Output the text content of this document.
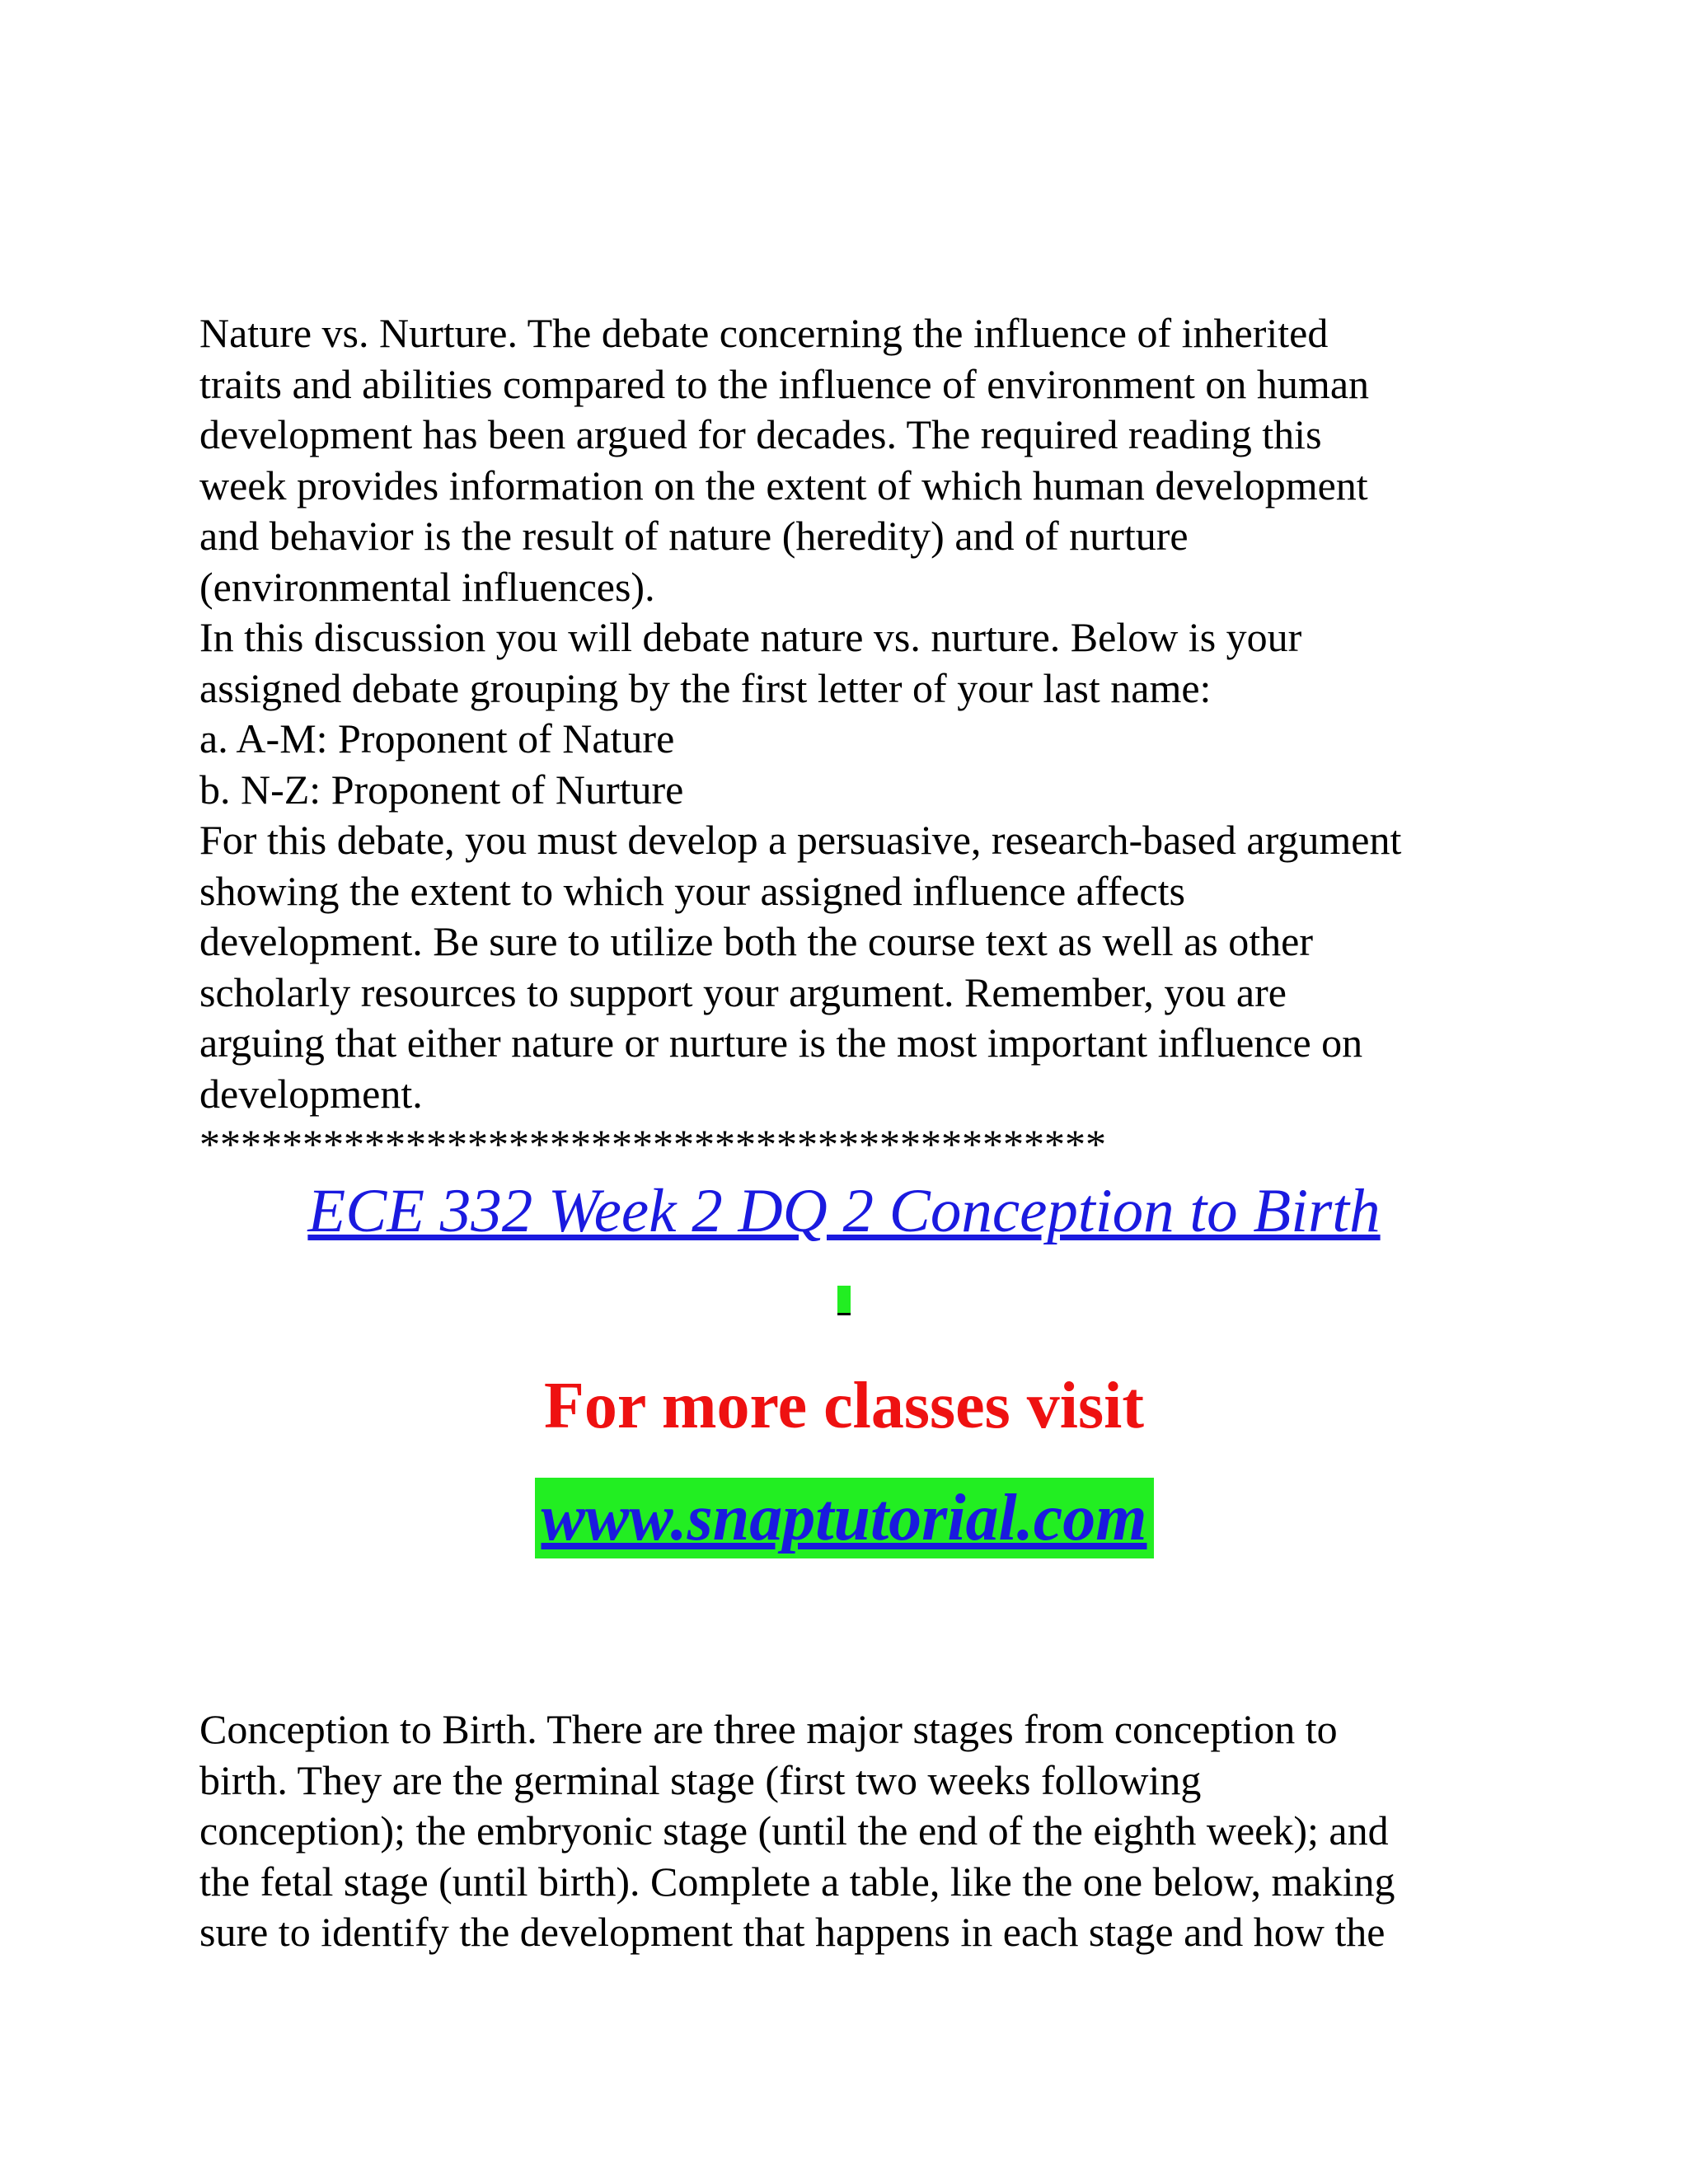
Nature vs. Nurture. The debate concerning the influence of inherited
traits and abilities compared to the influence of environment on human
development has been argued for decades. The required reading this
week provides information on the extent of which human development
and behavior is the result of nature (heredity) and of nurture
(environmental influences).
In this discussion you will debate nature vs. nurture. Below is your
assigned debate grouping by the first letter of your last name:
a. A-M: Proponent of Nature
b. N-Z: Proponent of Nurture
For this debate, you must develop a persuasive, research-based argument
showing the extent to which your assigned influence affects
development. Be sure to utilize both the course text as well as other
scholarly resources to support your argument. Remember, you are
arguing that either nature or nurture is the most important influence on
development.
********************************************
ECE 332 Week 2 DQ 2 Conception to Birth
For more classes visit
www.snaptutorial.com
Conception to Birth. There are three major stages from conception to
birth. They are the germinal stage (first two weeks following
conception); the embryonic stage (until the end of the eighth week); and
the fetal stage (until birth). Complete a table, like the one below, making
sure to identify the development that happens in each stage and how the
